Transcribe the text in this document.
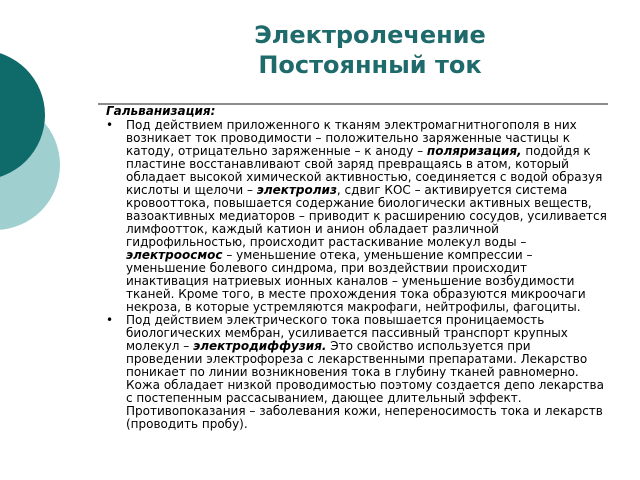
Электролечение
Постоянный ток
Гальванизация:
• Под действием приложенного к тканям электромагнитногополя в них возникает ток проводимости – положительно заряженные частицы к катоду, отрицательно заряженные – к аноду – поляризация, подойдя к пластине восстанавливают свой заряд превращаясь в атом, который обладает высокой химической активностью, соединяется с водой образуя кислоты и щелочи – электролиз, сдвиг КОС – активируется система кровооттока, повышается содержание биологически активных веществ, вазоактивных медиаторов – приводит к расширению сосудов, усиливается лимфоотток, каждый катион и анион обладает различной гидрофильностью, происходит растаскивание молекул воды – электроосмос – уменьшение отека, уменьшение компрессии – уменьшение болевого синдрома, при воздействии происходит инактивация натриевых ионных каналов – уменьшение возбудимости тканей. Кроме того, в месте прохождения тока образуются микроочаги некроза, в которые устремляются макрофаги, нейтрофилы, фагоциты.
• Под действием электрического тока повышается проницаемость биологических мембран, усиливается пассивный транспорт крупных молекул – электродиффузия. Это свойство используется при проведении электрофореза с лекарственными препаратами. Лекарство поникает по линии возникновения тока в глубину тканей равномерно. Кожа обладает низкой проводимостью поэтому создается депо лекарства с постепенным рассасыванием, дающее длительный эффект. Противопоказания – заболевания кожи, непереносимость тока и лекарств (проводить пробу).
